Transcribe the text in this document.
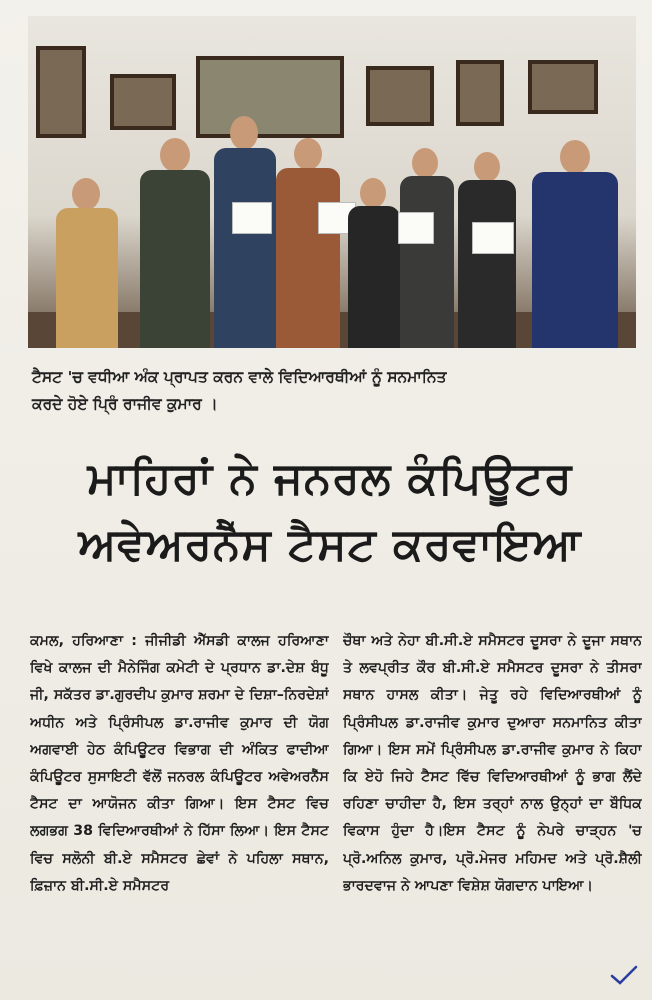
ਟੈਸਟ 'ਚ ਵਧੀਆ ਅੰਕ ਪ੍ਰਾਪਤ ਕਰਨ ਵਾਲੇ ਵਿਦਿਆਰਥੀਆਂ ਨੂੰ ਸਨਮਾਨਿਤ
ਕਰਦੇ ਹੋਏ ਪ੍ਰਿੰ ਰਾਜੀਵ ਕੁਮਾਰ ।
ਮਾਹਿਰਾਂ ਨੇ ਜਨਰਲ ਕੰਪਿਊਟਰ
ਅਵੇਅਰਨੈੱਸ ਟੈਸਟ ਕਰਵਾਇਆ
ਕਮਲ, ਹਰਿਆਣਾ : ਜੀਜੀਡੀ ਐੱਸਡੀ ਕਾਲਜ ਹਰਿਆਣਾ ਵਿਖੇ ਕਾਲਜ ਦੀ ਮੈਨੇਜਿੰਗ ਕਮੇਟੀ ਦੇ ਪ੍ਰਧਾਨ ਡਾ.ਦੇਸ਼ ਬੰਧੂ ਜੀ, ਸਕੱਤਰ ਡਾ.ਗੁਰਦੀਪ ਕੁਮਾਰ ਸ਼ਰਮਾ ਦੇ ਦਿਸ਼ਾ–ਨਿਰਦੇਸ਼ਾਂ ਅਧੀਨ ਅਤੇ ਪ੍ਰਿੰਸੀਪਲ ਡਾ.ਰਾਜੀਵ ਕੁਮਾਰ ਦੀ ਯੋਗ ਅਗਵਾਈ ਹੇਠ ਕੰਪਿਊਟਰ ਵਿਭਾਗ ਦੀ ਅੰਕਿਤ ਫਾਦੀਆ ਕੰਪਿਊਟਰ ਸੁਸਾਇਟੀ ਵੱਲੋਂ ਜਨਰਲ ਕੰਪਿਊਟਰ ਅਵੇਅਰਨੈੱਸ ਟੈਸਟ ਦਾ ਆਯੋਜਨ ਕੀਤਾ ਗਿਆ। ਇਸ ਟੈਸਟ ਵਿਚ ਲਗਭਗ 38 ਵਿਦਿਆਰਥੀਆਂ ਨੇ ਹਿੱਸਾ ਲਿਆ। ਇਸ ਟੈਸਟ ਵਿਚ ਸਲੋਨੀ ਬੀ.ਏ ਸਮੈਸਟਰ ਛੇਵਾਂ ਨੇ ਪਹਿਲਾ ਸਥਾਨ, ਫ਼ਿਜ਼ਾਨ ਬੀ.ਸੀ.ਏ ਸਮੈਸਟਰ
ਚੌਥਾ ਅਤੇ ਨੇਹਾ ਬੀ.ਸੀ.ਏ ਸਮੈਸਟਰ ਦੂਸਰਾ ਨੇ ਦੂਜਾ ਸਥਾਨ ਤੇ ਲਵਪ੍ਰੀਤ ਕੌਰ ਬੀ.ਸੀ.ਏ ਸਮੈਸਟਰ ਦੂਸਰਾ ਨੇ ਤੀਸਰਾ ਸਥਾਨ ਹਾਸਲ ਕੀਤਾ। ਜੇਤੂ ਰਹੇ ਵਿਦਿਆਰਥੀਆਂ ਨੂੰ ਪ੍ਰਿੰਸੀਪਲ ਡਾ.ਰਾਜੀਵ ਕੁਮਾਰ ਦੁਆਰਾ ਸਨਮਾਨਿਤ ਕੀਤਾ ਗਿਆ। ਇਸ ਸਮੇਂ ਪ੍ਰਿੰਸੀਪਲ ਡਾ.ਰਾਜੀਵ ਕੁਮਾਰ ਨੇ ਕਿਹਾ ਕਿ ਏਹੋ ਜਿਹੇ ਟੈਸਟ ਵਿੱਚ ਵਿਦਿਆਰਥੀਆਂ ਨੂੰ ਭਾਗ ਲੈਂਦੇ ਰਹਿਣਾ ਚਾਹੀਦਾ ਹੈ, ਇਸ ਤਰ੍ਹਾਂ ਨਾਲ ਉਨ੍ਹਾਂ ਦਾ ਬੌਧਿਕ ਵਿਕਾਸ ਹੁੰਦਾ ਹੈ।ਇਸ ਟੈਸਟ ਨੂੰ ਨੇਪਰੇ ਚਾੜ੍ਹਨ 'ਚ ਪ੍ਰੋ.ਅਨਿਲ ਕੁਮਾਰ, ਪ੍ਰੋ.ਮੇਜਰ ਮਹਿਮਦ ਅਤੇ ਪ੍ਰੋ.ਸ਼ੈਲੀ ਭਾਰਦਵਾਜ ਨੇ ਆਪਣਾ ਵਿਸ਼ੇਸ਼ ਯੋਗਦਾਨ ਪਾਇਆ।
